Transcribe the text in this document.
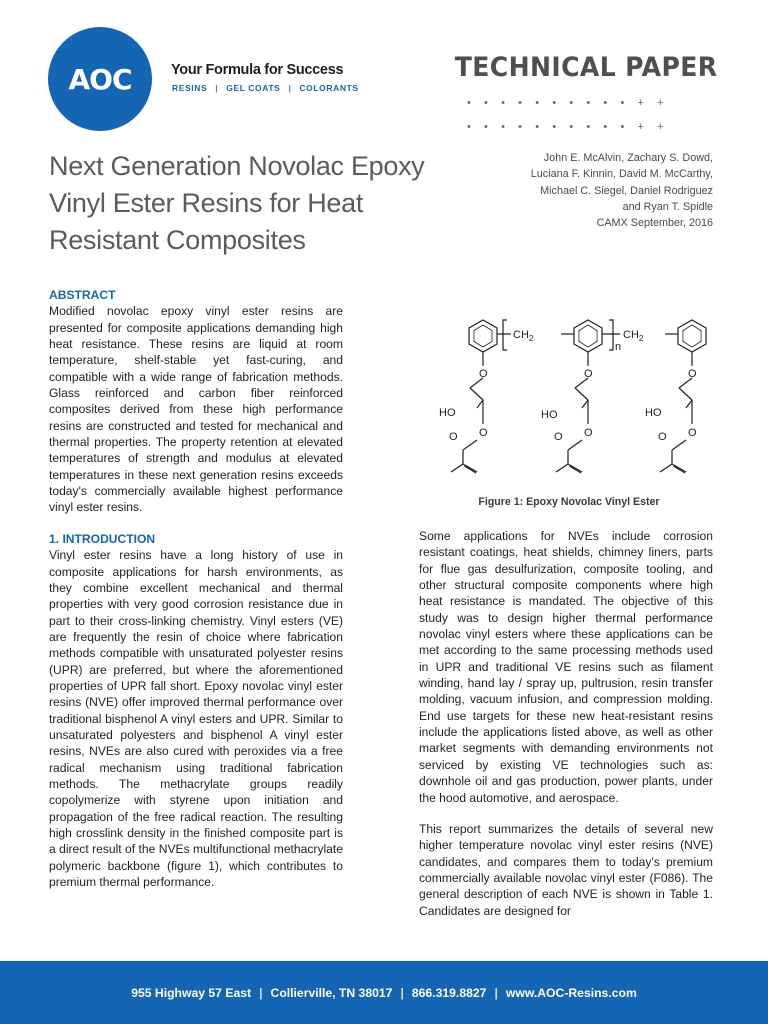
AOC	Your Formula for Success
RESINS | GEL COATS | COLORANTS
TECHNICAL PAPER
••••••••••++
••••••••••++
Next Generation Novolac Epoxy Vinyl Ester Resins for Heat Resistant Composites
John E. McAlvin, Zachary S. Dowd,
Luciana F. Kinnin, David M. McCarthy,
Michael C. Siegel, Daniel Rodriguez
and Ryan T. Spidle
CAMX September, 2016
ABSTRACT

Modified novolac epoxy vinyl ester resins are presented for composite applications demanding high heat resistance. These resins are liquid at room temperature, shelf-stable yet fast-curing, and compatible with a wide range of fabrication methods. Glass reinforced and carbon fiber reinforced composites derived from these high performance resins are constructed and tested for mechanical and thermal properties. The property retention at elevated temperatures of strength and modulus at elevated temperatures in these next generation resins exceeds today's commercially available highest performance vinyl ester resins.

1. INTRODUCTION

Vinyl ester resins have a long history of use in composite applications for harsh environments, as they combine excellent mechanical and thermal properties with very good corrosion resistance due in part to their cross-linking chemistry. Vinyl esters (VE) are frequently the resin of choice where fabrication methods compatible with unsaturated polyester resins (UPR) are preferred, but where the aforementioned properties of UPR fall short. Epoxy novolac vinyl ester resins (NVE) offer improved thermal performance over traditional bisphenol A vinyl esters and UPR. Similar to unsaturated polyesters and bisphenol A vinyl ester resins, NVEs are also cured with peroxides via a free radical mechanism using traditional fabrication methods. The methacrylate groups readily copolymerize with styrene upon initiation and propagation of the free radical reaction. The resulting high crosslink density in the finished composite part is a direct result of the NVEs multifunctional methacrylate polymeric backbone (figure 1), which contributes to premium thermal performance.

$CH_2$	$CH_2$
n
O
HO
O
O
O
HO
O
O
O
HO
O
O
Figure 1: Epoxy Novolac Vinyl Ester

Some applications for NVEs include corrosion resistant coatings, heat shields, chimney liners, parts for flue gas desulfurization, composite tooling, and other structural composite components where high heat resistance is mandated. The objective of this study was to design higher thermal performance novolac vinyl esters where these applications can be met according to the same processing methods used in UPR and traditional VE resins such as filament winding, hand lay / spray up, pultrusion, resin transfer molding, vacuum infusion, and compression molding. End use targets for these new heat-resistant resins include the applications listed above, as well as other market segments with demanding environments not serviced by existing VE technologies such as: downhole oil and gas production, power plants, under the hood automotive, and aerospace.

This report summarizes the details of several new higher temperature novolac vinyl ester resins (NVE) candidates, and compares them to today's premium commercially available novolac vinyl ester (F086). The general description of each NVE is shown in Table 1. Candidates are designed for

955 Highway 57 East | Collierville, TN 38017 | 866.319.8827 | www.AOC-Resins.com
